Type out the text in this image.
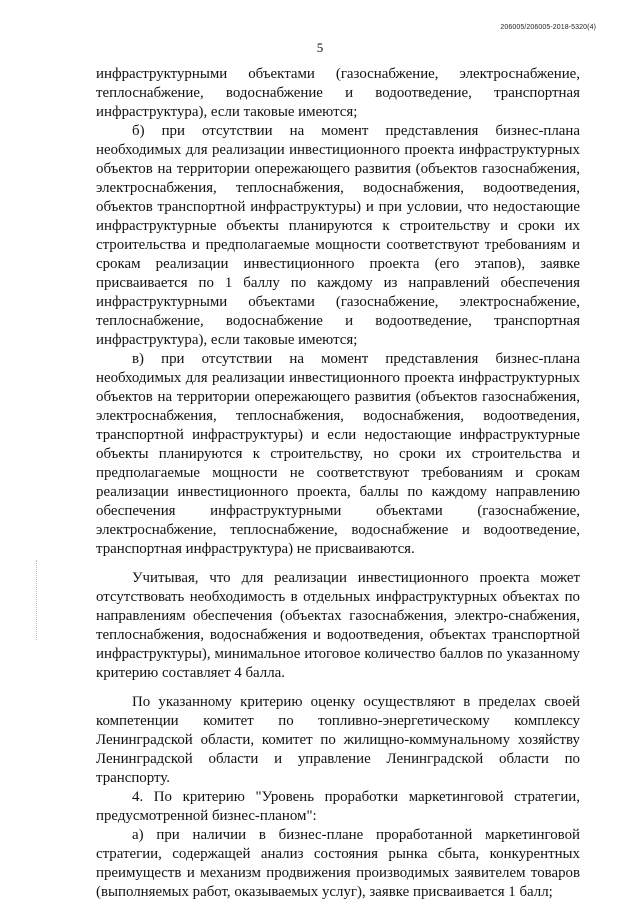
206005/206005-2018-5320(4)
5

инфраструктурными объектами (газоснабжение, электроснабжение, теплоснабжение, водоснабжение и водоотведение, транспортная инфраструктура), если таковые имеются;

б) при отсутствии на момент представления бизнес-плана необходимых для реализации инвестиционного проекта инфраструктурных объектов на территории опережающего развития (объектов газоснабжения, электроснабжения, теплоснабжения, водоснабжения, водоотведения, объектов транспортной инфраструктуры) и при условии, что недостающие инфраструктурные объекты планируются к строительству и сроки их строительства и предполагаемые мощности соответствуют требованиям и срокам реализации инвестиционного проекта (его этапов), заявке присваивается по 1 баллу по каждому из направлений обеспечения инфраструктурными объектами (газоснабжение, электроснабжение, теплоснабжение, водоснабжение и водоотведение, транспортная инфраструктура), если таковые имеются;

в) при отсутствии на момент представления бизнес-плана необходимых для реализации инвестиционного проекта инфраструктурных объектов на территории опережающего развития (объектов газоснабжения, электроснабжения, теплоснабжения, водоснабжения, водоотведения, транспортной инфраструктуры) и если недостающие инфраструктурные объекты планируются к строительству, но сроки их строительства и предполагаемые мощности не соответствуют требованиям и срокам реализации инвестиционного проекта, баллы по каждому направлению обеспечения инфраструктурными объектами (газоснабжение, электроснабжение, теплоснабжение, водоснабжение и водоотведение, транспортная инфраструктура) не присваиваются.

Учитывая, что для реализации инвестиционного проекта может отсутствовать необходимость в отдельных инфраструктурных объектах по направлениям обеспечения (объектах газоснабжения, электро-снабжения, теплоснабжения, водоснабжения и водоотведения, объектах транспортной инфраструктуры), минимальное итоговое количество баллов по указанному критерию составляет 4 балла.

По указанному критерию оценку осуществляют в пределах своей компетенции комитет по топливно-энергетическому комплексу Ленинградской области, комитет по жилищно-коммунальному хозяйству Ленинградской области и управление Ленинградской области по транспорту.

4. По критерию "Уровень проработки маркетинговой стратегии, предусмотренной бизнес-планом":

а) при наличии в бизнес-плане проработанной маркетинговой стратегии, содержащей анализ состояния рынка сбыта, конкурентных преимуществ и механизм продвижения производимых заявителем товаров (выполняемых работ, оказываемых услуг), заявке присваивается 1 балл;
